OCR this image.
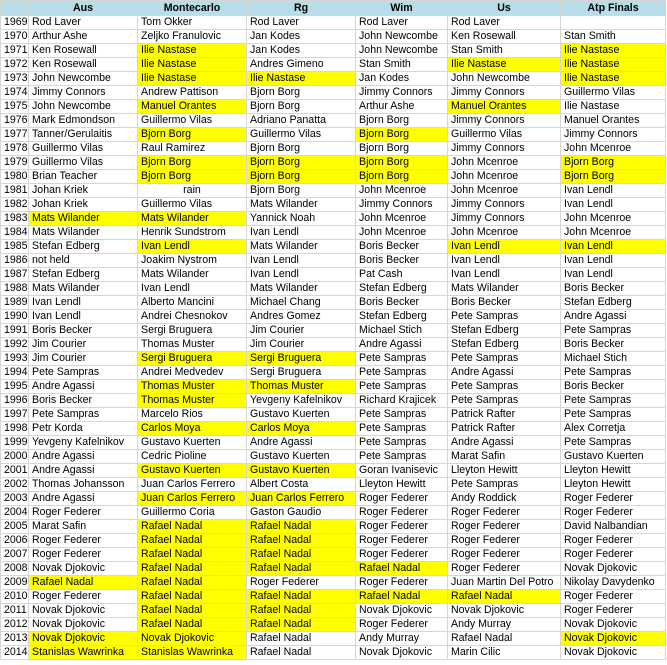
	Aus	Montecarlo	Rg	Wim	Us	Atp Finals
1969	Rod Laver	Tom Okker	Rod Laver	Rod Laver	Rod Laver	
1970	Arthur Ashe	Zeljko Franulovic	Jan Kodes	John Newcombe	Ken Rosewall	Stan Smith
1971	Ken Rosewall	Ilie Nastase	Jan Kodes	John Newcombe	Stan Smith	Ilie Nastase
1972	Ken Rosewall	Ilie Nastase	Andres Gimeno	Stan Smith	Ilie Nastase	Ilie Nastase
1973	John Newcombe	Ilie Nastase	Ilie Nastase	Jan Kodes	John Newcombe	Ilie Nastase
1974	Jimmy Connors	Andrew Pattison	Bjorn Borg	Jimmy Connors	Jimmy Connors	Guillermo Vilas
1975	John Newcombe	Manuel Orantes	Bjorn Borg	Arthur Ashe	Manuel Orantes	Ilie Nastase
1976	Mark Edmondson	Guillermo Vilas	Adriano Panatta	Bjorn Borg	Jimmy Connors	Manuel Orantes
1977	Tanner/Gerulaitis	Bjorn Borg	Guillermo Vilas	Bjorn Borg	Guillermo Vilas	Jimmy Connors
1978	Guillermo Vilas	Raul Ramirez	Bjorn Borg	Bjorn Borg	Jimmy Connors	John Mcenroe
1979	Guillermo Vilas	Bjorn Borg	Bjorn Borg	Bjorn Borg	John Mcenroe	Bjorn Borg
1980	Brian Teacher	Bjorn Borg	Bjorn Borg	Bjorn Borg	John Mcenroe	Bjorn Borg
1981	Johan Kriek	rain	Bjorn Borg	John Mcenroe	John Mcenroe	Ivan Lendl
1982	Johan Kriek	Guillermo Vilas	Mats Wilander	Jimmy Connors	Jimmy Connors	Ivan Lendl
1983	Mats Wilander	Mats Wilander	Yannick Noah	John Mcenroe	Jimmy Connors	John Mcenroe
1984	Mats Wilander	Henrik Sundstrom	Ivan Lendl	John Mcenroe	John Mcenroe	John Mcenroe
1985	Stefan Edberg	Ivan Lendl	Mats Wilander	Boris Becker	Ivan Lendl	Ivan Lendl
1986	not held	Joakim Nystrom	Ivan Lendl	Boris Becker	Ivan Lendl	Ivan Lendl
1987	Stefan Edberg	Mats Wilander	Ivan Lendl	Pat Cash	Ivan Lendl	Ivan Lendl
1988	Mats Wilander	Ivan Lendl	Mats Wilander	Stefan Edberg	Mats Wilander	Boris Becker
1989	Ivan Lendl	Alberto Mancini	Michael Chang	Boris Becker	Boris Becker	Stefan Edberg
1990	Ivan Lendl	Andrei Chesnokov	Andres Gomez	Stefan Edberg	Pete Sampras	Andre Agassi
1991	Boris Becker	Sergi Bruguera	Jim Courier	Michael Stich	Stefan Edberg	Pete Sampras
1992	Jim Courier	Thomas Muster	Jim Courier	Andre Agassi	Stefan Edberg	Boris Becker
1993	Jim Courier	Sergi Bruguera	Sergi Bruguera	Pete Sampras	Pete Sampras	Michael Stich
1994	Pete Sampras	Andrei Medvedev	Sergi Bruguera	Pete Sampras	Andre Agassi	Pete Sampras
1995	Andre Agassi	Thomas Muster	Thomas Muster	Pete Sampras	Pete Sampras	Boris Becker
1996	Boris Becker	Thomas Muster	Yevgeny Kafelnikov	Richard Krajicek	Pete Sampras	Pete Sampras
1997	Pete Sampras	Marcelo Rios	Gustavo Kuerten	Pete Sampras	Patrick Rafter	Pete Sampras
1998	Petr Korda	Carlos Moya	Carlos Moya	Pete Sampras	Patrick Rafter	Alex Corretja
1999	Yevgeny Kafelnikov	Gustavo Kuerten	Andre Agassi	Pete Sampras	Andre Agassi	Pete Sampras
2000	Andre Agassi	Cedric Pioline	Gustavo Kuerten	Pete Sampras	Marat Safin	Gustavo Kuerten
2001	Andre Agassi	Gustavo Kuerten	Gustavo Kuerten	Goran Ivanisevic	Lleyton Hewitt	Lleyton Hewitt
2002	Thomas Johansson	Juan Carlos Ferrero	Albert Costa	Lleyton Hewitt	Pete Sampras	Lleyton Hewitt
2003	Andre Agassi	Juan Carlos Ferrero	Juan Carlos Ferrero	Roger Federer	Andy Roddick	Roger Federer
2004	Roger Federer	Guillermo Coria	Gaston Gaudio	Roger Federer	Roger Federer	Roger Federer
2005	Marat Safin	Rafael Nadal	Rafael Nadal	Roger Federer	Roger Federer	David Nalbandian
2006	Roger Federer	Rafael Nadal	Rafael Nadal	Roger Federer	Roger Federer	Roger Federer
2007	Roger Federer	Rafael Nadal	Rafael Nadal	Roger Federer	Roger Federer	Roger Federer
2008	Novak Djokovic	Rafael Nadal	Rafael Nadal	Rafael Nadal	Roger Federer	Novak Djokovic
2009	Rafael Nadal	Rafael Nadal	Roger Federer	Roger Federer	Juan Martin Del Potro	Nikolay Davydenko
2010	Roger Federer	Rafael Nadal	Rafael Nadal	Rafael Nadal	Rafael Nadal	Roger Federer
2011	Novak Djokovic	Rafael Nadal	Rafael Nadal	Novak Djokovic	Novak Djokovic	Roger Federer
2012	Novak Djokovic	Rafael Nadal	Rafael Nadal	Roger Federer	Andy Murray	Novak Djokovic
2013	Novak Djokovic	Novak Djokovic	Rafael Nadal	Andy Murray	Rafael Nadal	Novak Djokovic
2014	Stanislas Wawrinka	Stanislas Wawrinka	Rafael Nadal	Novak Djokovic	Marin Cilic	Novak Djokovic
